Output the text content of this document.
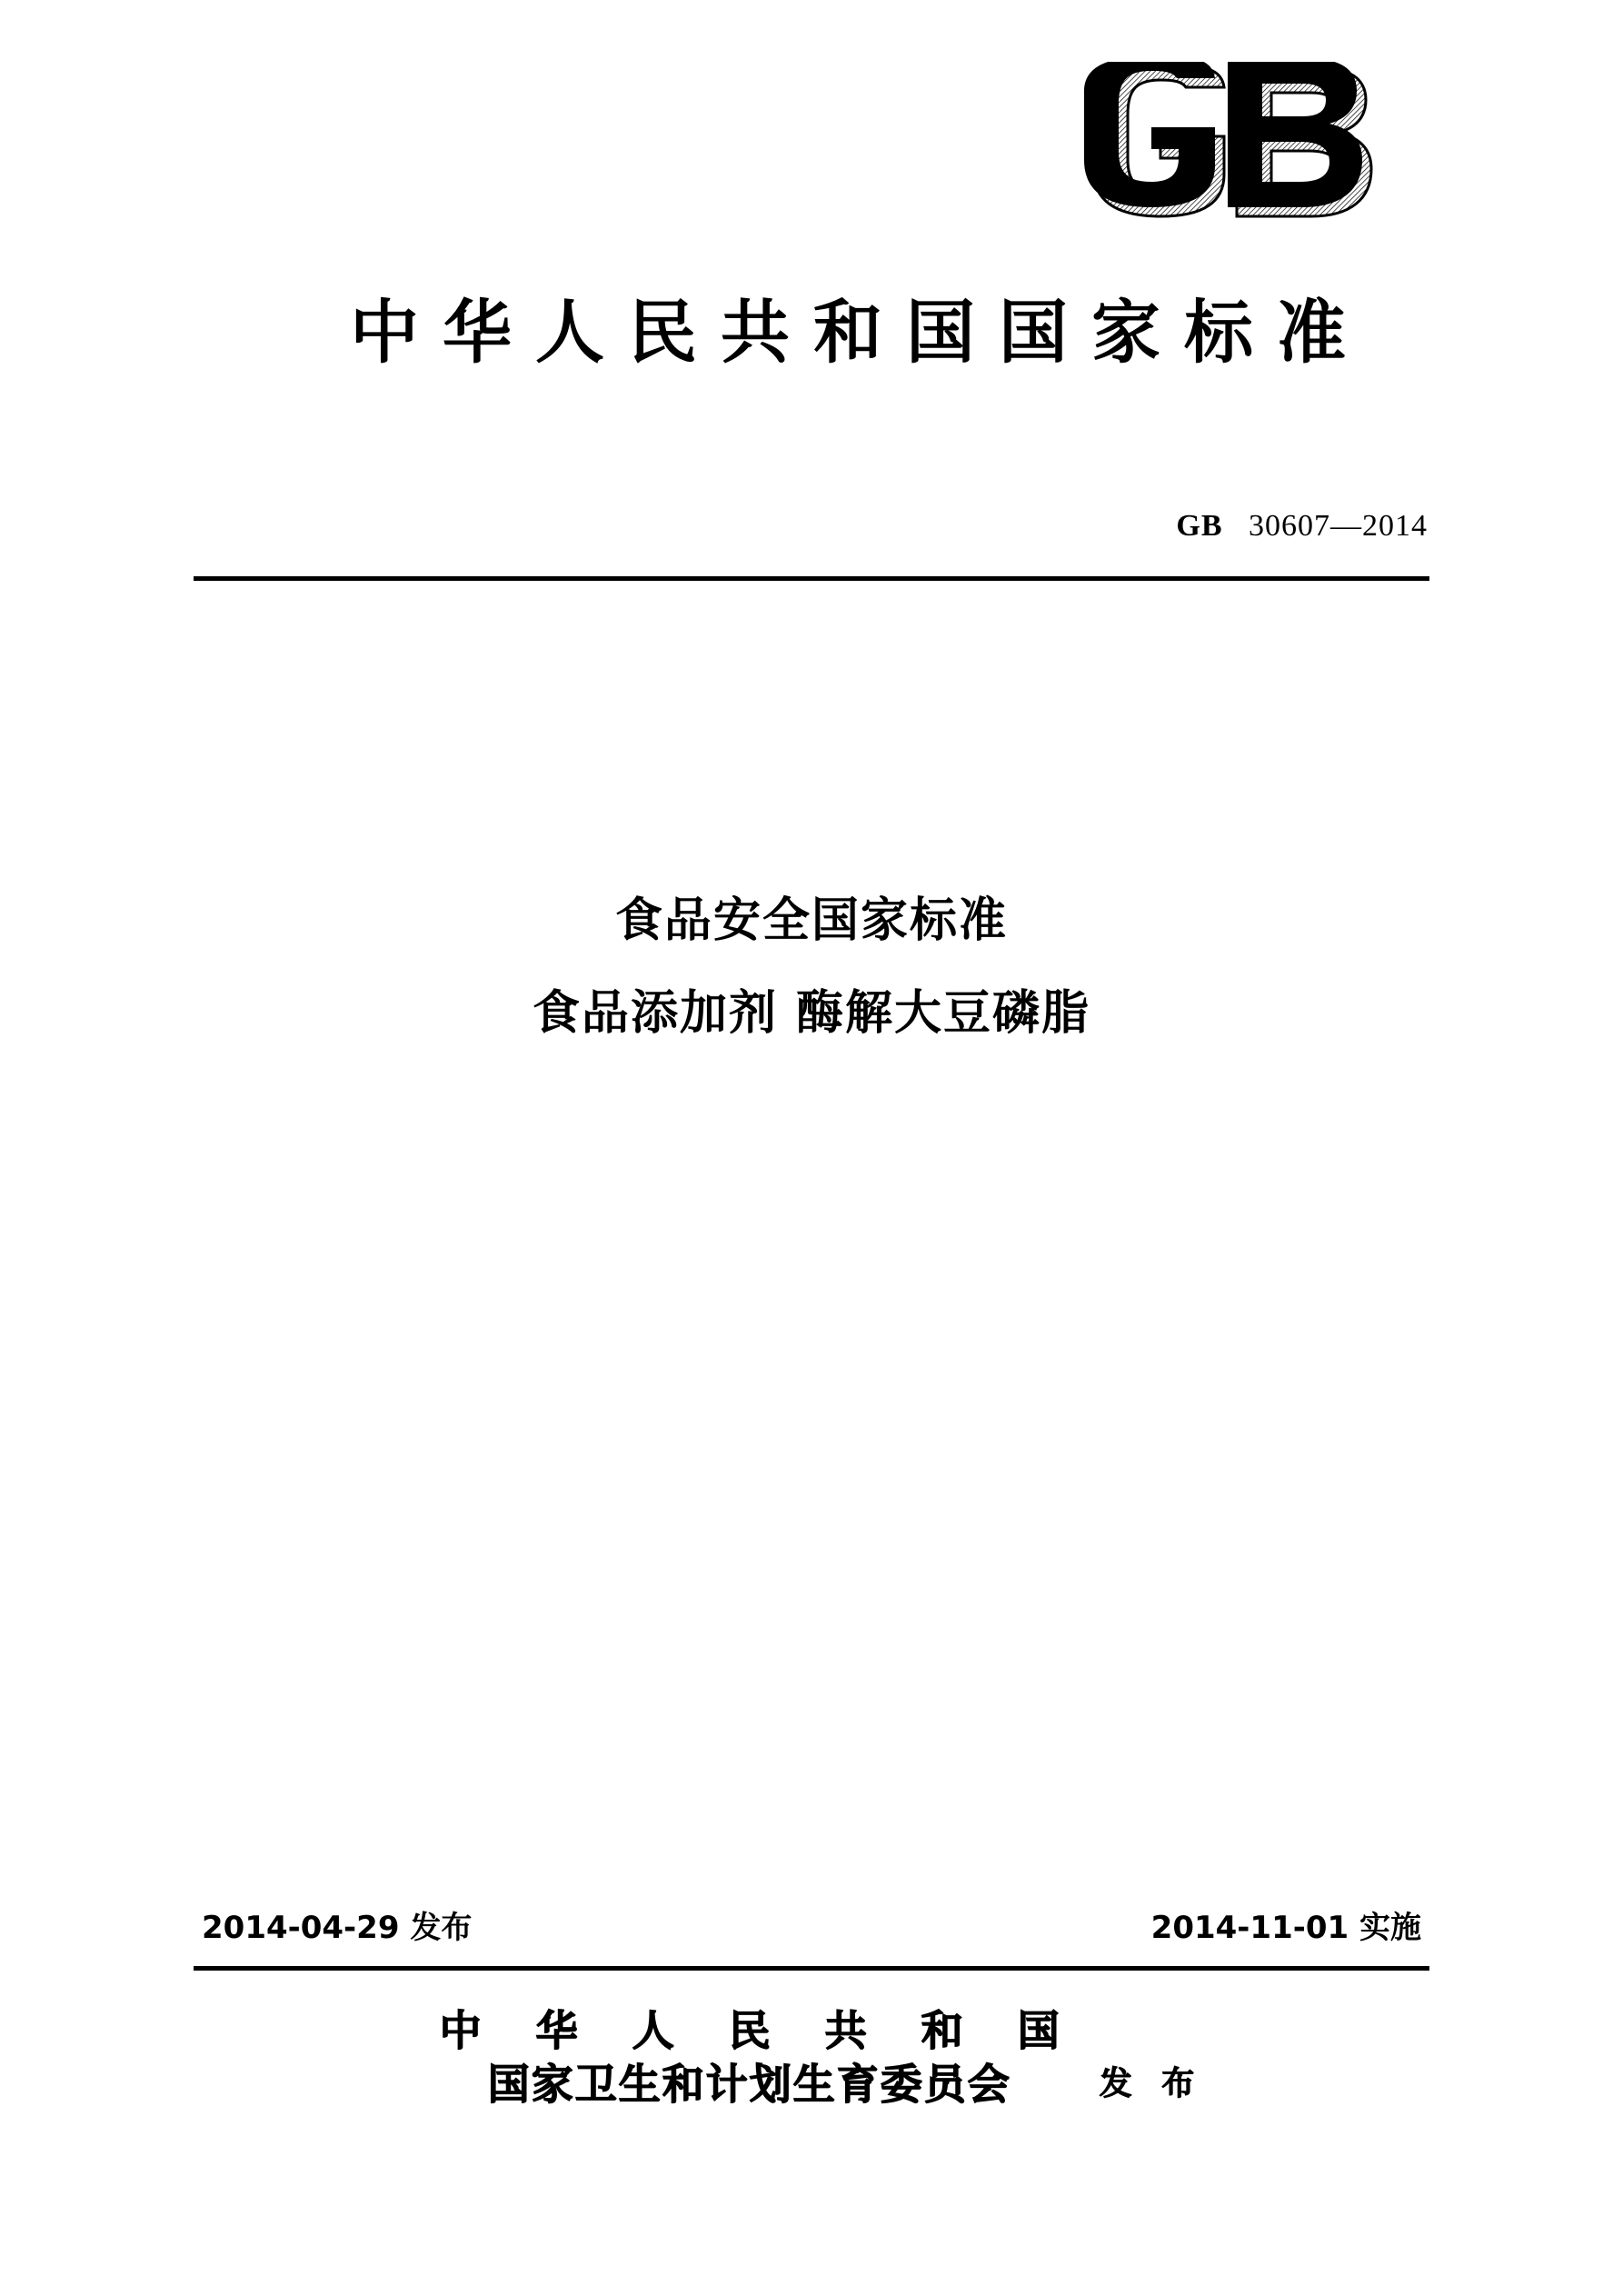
中华人民共和国国家标准
GB 30607—2014
食品安全国家标准
食品添加剂 酶解大豆磷脂
2014-04-29 发布	2014-11-01 实施
中 华 人 民 共 和 国
国家卫生和计划生育委员会	发 布
